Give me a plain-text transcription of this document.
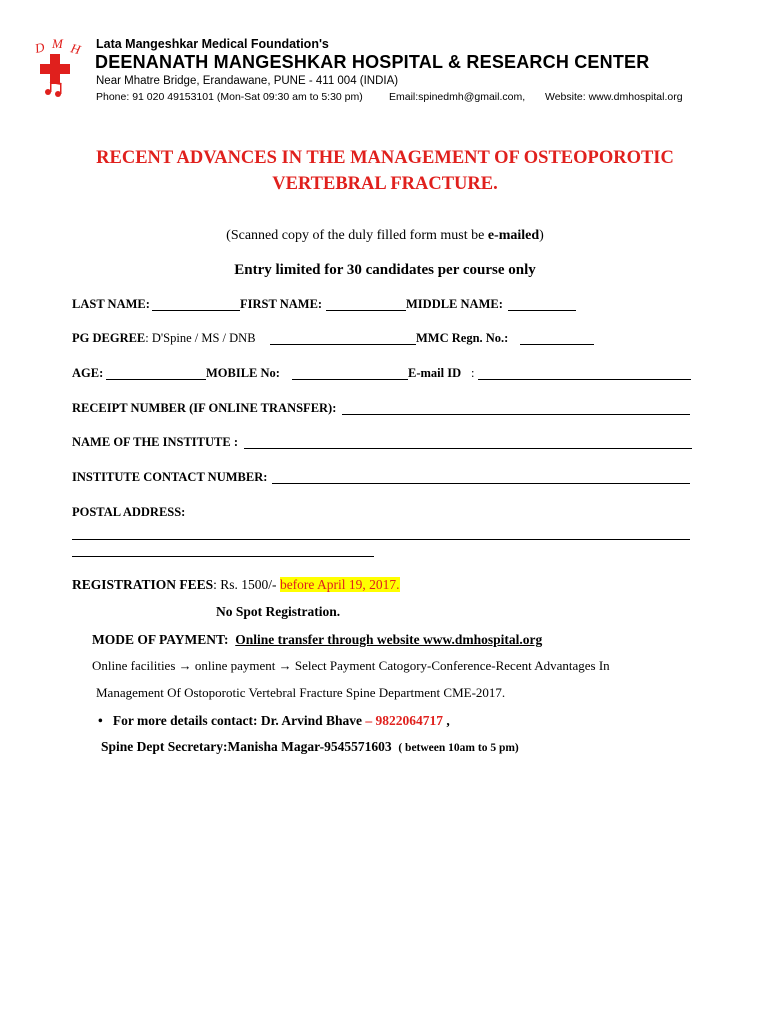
D M H Lata Mangeshkar Medical Foundation's
DEENANATH MANGESHKAR HOSPITAL & RESEARCH CENTER
Near Mhatre Bridge, Erandawane, PUNE - 411 004 (INDIA)
Phone: 91 020 49153101 (Mon-Sat 09:30 am to 5:30 pm) Email:spinedmh@gmail.com, Website: www.dmhospital.org
RECENT ADVANCES IN THE MANAGEMENT OF OSTEOPOROTIC
VERTEBRAL FRACTURE.
(Scanned copy of the duly filled form must be e-mailed)
Entry limited for 30 candidates per course only
LAST NAME:	FIRST NAME:	MIDDLE NAME:
PG DEGREE: D'Spine / MS / DNB	MMC Regn. No.:
AGE:	MOBILE No:	E-mail ID :
RECEIPT NUMBER (IF ONLINE TRANSFER):
NAME OF THE INSTITUTE :
INSTITUTE CONTACT NUMBER:
POSTAL ADDRESS:
REGISTRATION FEES: Rs. 1500/- before April 19, 2017.
No Spot Registration.
MODE OF PAYMENT: Online transfer through website www.dmhospital.org
Online facilities → online payment → Select Payment Catogory-Conference-Recent Advantages In
Management Of Ostoporotic Vertebral Fracture Spine Department CME-2017.
•   For more details contact: Dr. Arvind Bhave – 9822064717 ,
Spine Dept Secretary:Manisha Magar-9545571603 ( between 10am to 5 pm)
